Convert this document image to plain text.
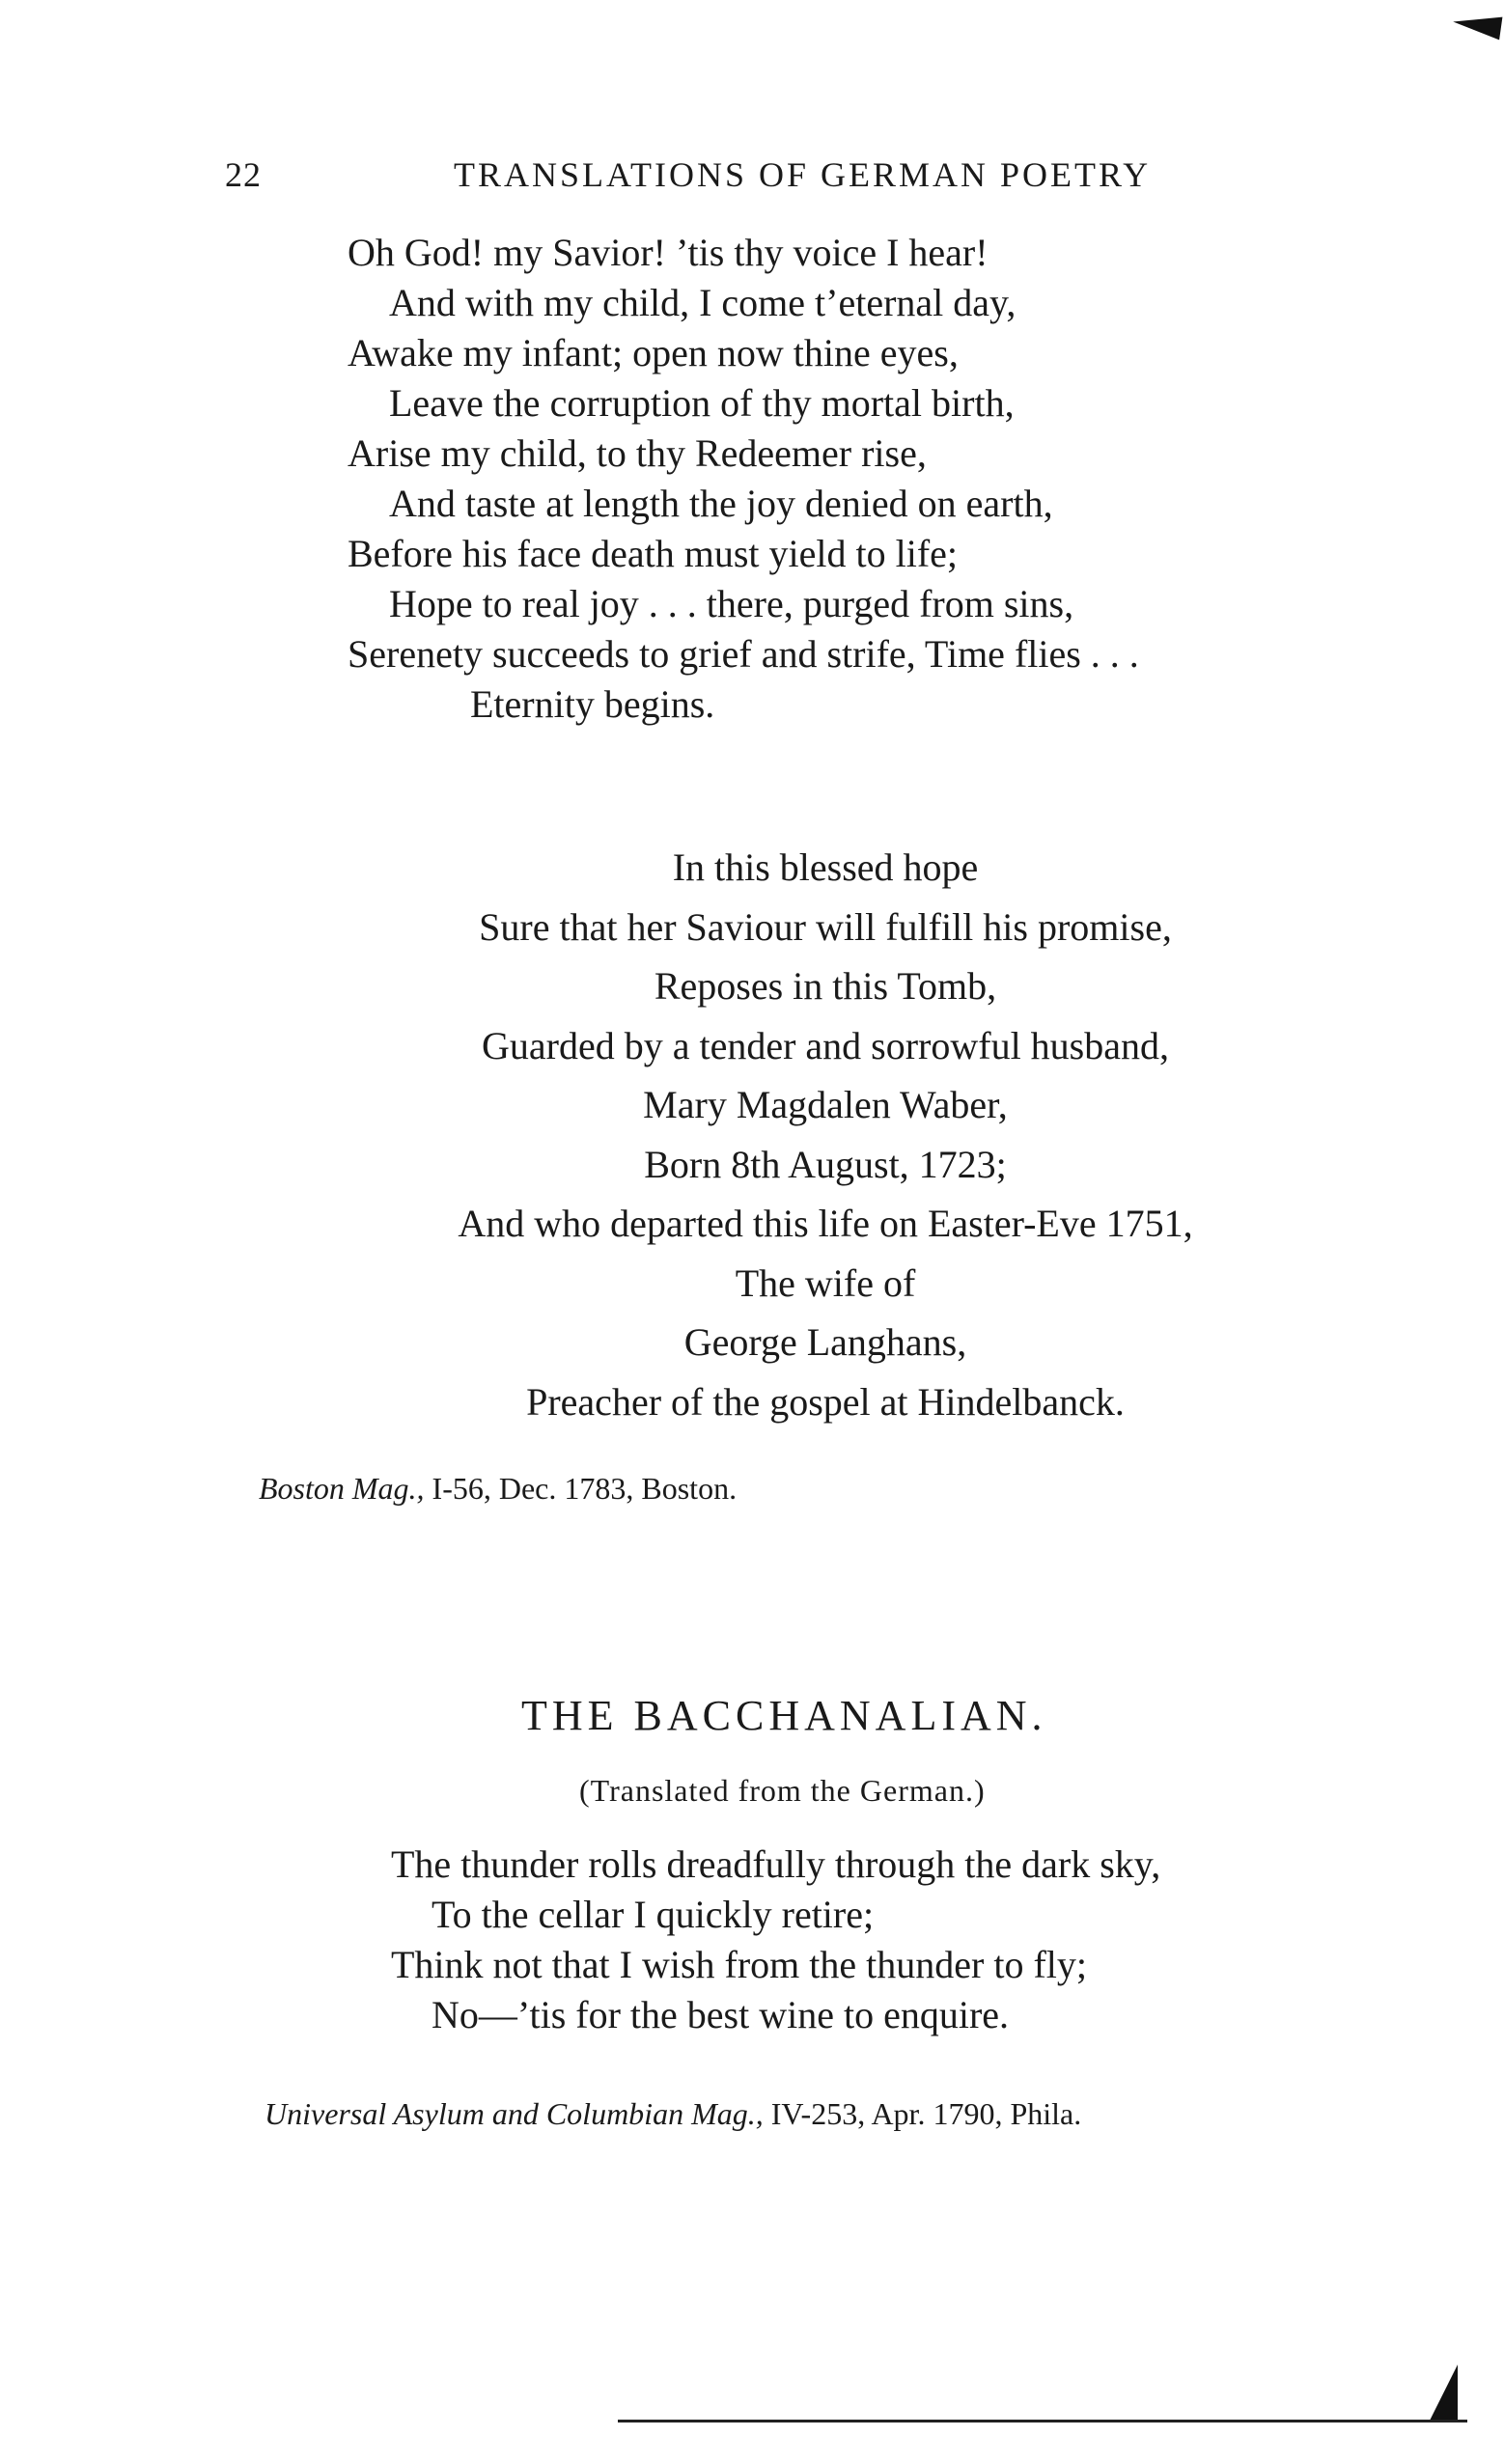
22	TRANSLATIONS OF GERMAN POETRY
Oh God! my Savior! ’tis thy voice I hear!
And with my child, I come t’eternal day,
Awake my infant; open now thine eyes,
Leave the corruption of thy mortal birth,
Arise my child, to thy Redeemer rise,
And taste at length the joy denied on earth,
Before his face death must yield to life;
Hope to real joy . . . there, purged from sins,
Serenety succeeds to grief and strife, Time flies . . .
Eternity begins.
In this blessed hope
Sure that her Saviour will fulfill his promise,
Reposes in this Tomb,
Guarded by a tender and sorrowful husband,
Mary Magdalen Waber,
Born 8th August, 1723;
And who departed this life on Easter-Eve 1751,
The wife of
George Langhans,
Preacher of the gospel at Hindelbanck.
Boston Mag., I-56, Dec. 1783, Boston.
THE BACCHANALIAN.
(Translated from the German.)
The thunder rolls dreadfully through the dark sky,
To the cellar I quickly retire;
Think not that I wish from the thunder to fly;
No—’tis for the best wine to enquire.
Universal Asylum and Columbian Mag., IV-253, Apr. 1790, Phila.
